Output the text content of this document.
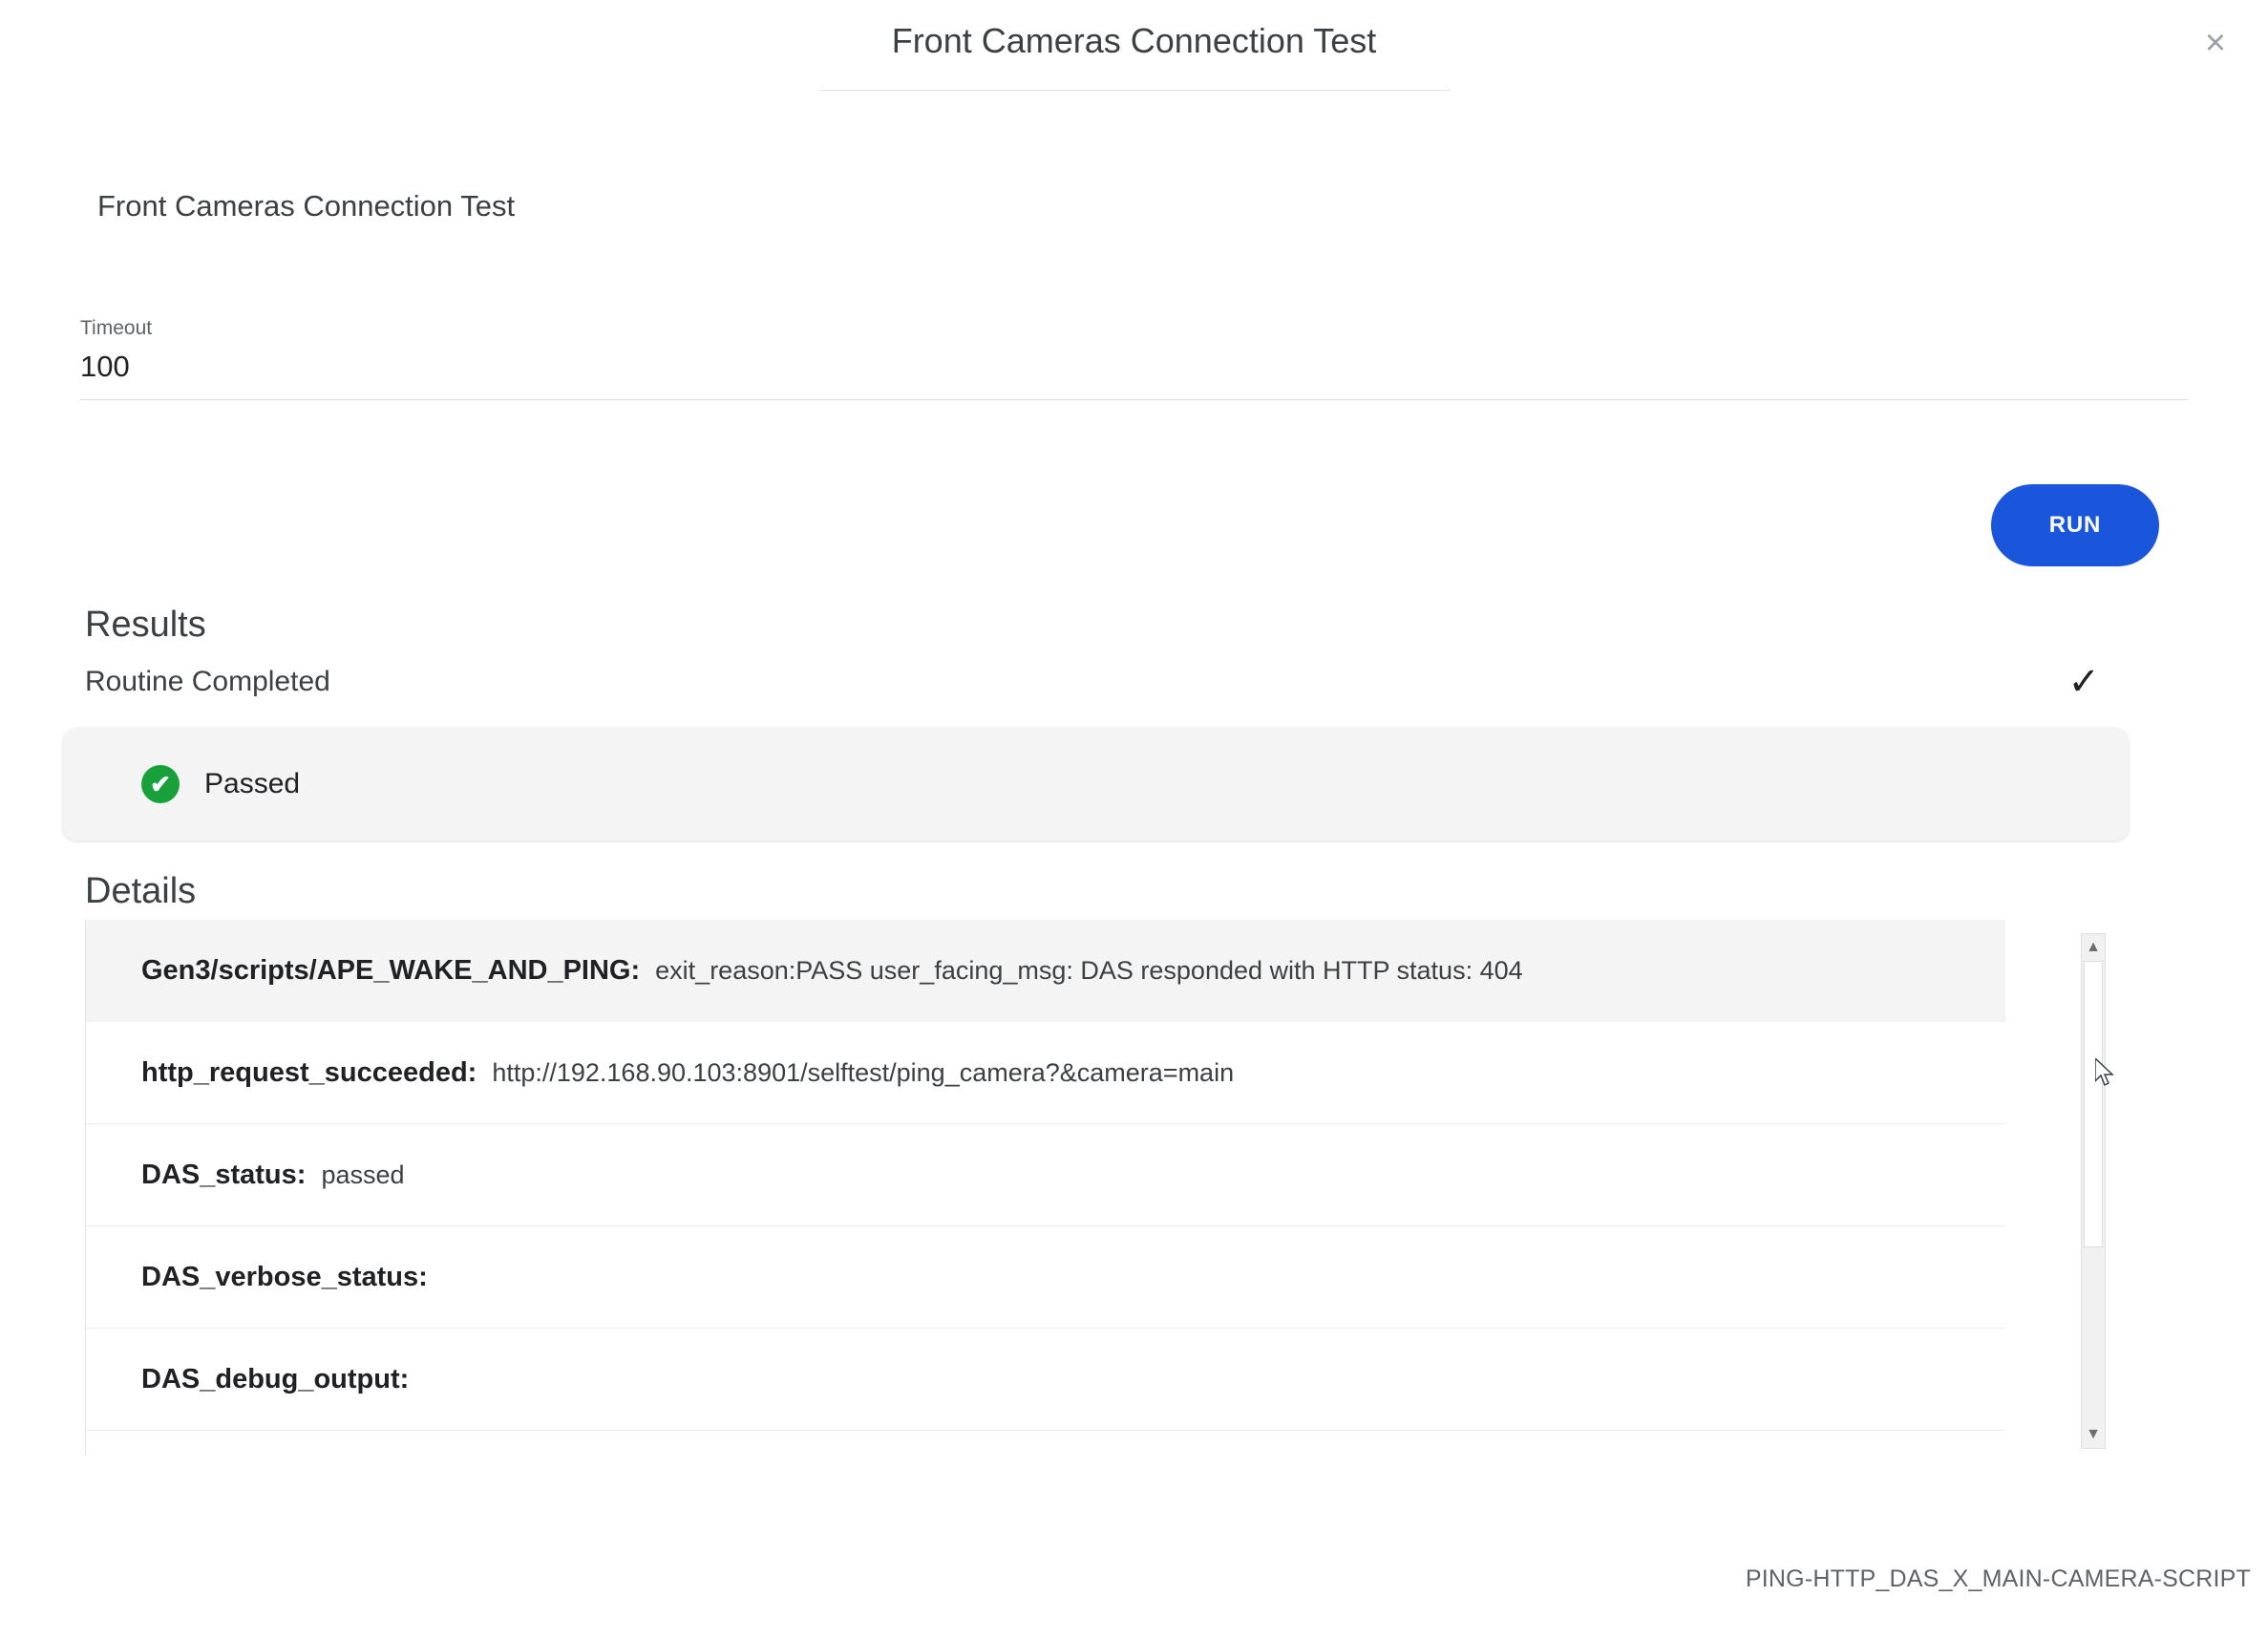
Front Cameras Connection Test	×
Front Cameras Connection Test
Timeout
100
RUN
Results
Routine Completed	✓
✔	Passed
Details
Gen3/scripts/APE_WAKE_AND_PING: exit_reason:PASS user_facing_msg: DAS responded with HTTP status: 404
http_request_succeeded: http://192.168.90.103:8901/selftest/ping_camera?&camera=main
DAS_status: passed
DAS_verbose_status:
DAS_debug_output:
▲
▼
PING-HTTP_DAS_X_MAIN-CAMERA-SCRIPT
